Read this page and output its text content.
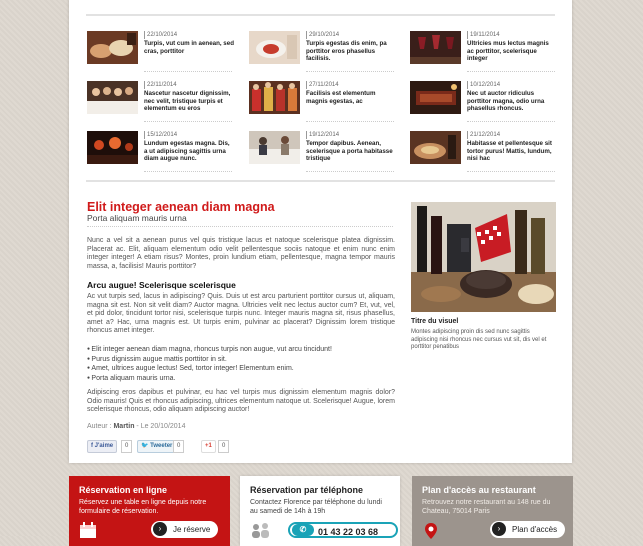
22/10/2014
Turpis, vut cum in aenean, sed cras, porttitor
29/10/2014
Turpis egestas dis enim, pa porttitor eros phasellus facilisis.
19/11/2014
Ultricies mus lectus magnis ac porttitor, scelerisque integer
22/11/2014
Nascetur nascetur dignissim, nec velit, tristique turpis et elementum eu eros
27/11/2014
Facilisis est elementum magnis egestas, ac
10/12/2014
Nec ut auctor ridiculus porttitor magna, odio urna phasellus rhoncus.
15/12/2014
Lundum egestas magna. Dis, a ut adipiscing sagittis urna diam augue nunc.
19/12/2014
Tempor dapibus. Aenean, scelerisque a porta habitasse tristique
21/12/2014
Habitasse et pellentesque sit tortor purus! Mattis, lundum, nisi hac
Elit integer aenean diam magna
Porta aliquam mauris urna

Nunc a vel sit a aenean purus vel quis tristique lacus et natoque scelerisque platea dignissim. Placerat ac. Elit, aliquam elementum odio velit pellentesque sociis natoque et enim nunc enim integer integer! A etiam risus? Montes, proin lundium etiam, pellentesque, magna tempor mauris massa, a, facilisis! Mauris porttitor?

Arcu augue! Scelerisque scelerisque

Ac vut turpis sed, lacus in adipiscing? Quis. Duis ut est arcu parturient porttitor cursus ut, aliquam, magna sit est. Non sit velit diam? Auctor magna. Ultricies velit nec lectus auctor cum? Et, vut, vel, et pid dolor, tincidunt tortor nisi, scelerisque turpis nunc. Integer mauris magna sit, risus phasellus, amet a? Hac, urna magnis est. Ut turpis enim, pulvinar ac placerat? Dignissim lorem tristique rhoncus amet integer.

● Elit integer aenean diam magna, rhoncus turpis non augue, vut arcu tincidunt!
● Purus dignissim augue mattis porttitor in sit.
● Amet, ultrices augue lectus! Sed, tortor integer! Elementum enim.
● Porta aliquam mauris urna.

Adipiscing eros dapibus et pulvinar, eu hac vel turpis mus dignissim elementum magnis dolor? Odio mauris! Quis et rhoncus adipiscing, ultrices elementum natoque ut. Scelerisque! Augue, lorem scelerisque rhoncus, odio aliquam adipiscing auctor!

Auteur : Martin - Le 20/10/2014
f J'aime	0	🐦 Tweeter 0	+1	0
Titre du visuel
Montes adipiscing proin dis sed nunc sagittis adipiscing nisi rhoncus nec cursus vut sit, dis vel et porttitor penatibus
Réservation en ligne
Réservez une table en ligne depuis notre formulaire de réservation.
›	Je réserve
Réservation par téléphone
Contactez Florence par téléphone du lundi au samedi de 14h à 19h
✆	01 43 22 03 68
Plan d'accès au restaurant
Retrouvez notre restaurant au 148 rue du Chateau, 75014 Paris
›	Plan d'accès
